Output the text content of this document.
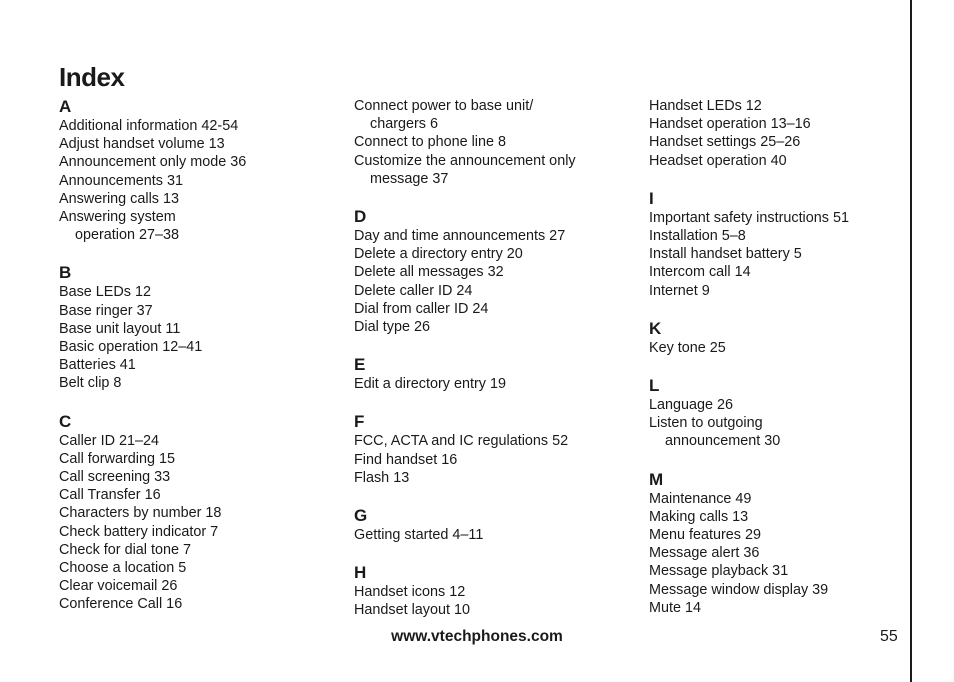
Index
A
Additional information 42-54
Adjust handset volume 13
Announcement only mode 36
Announcements 31
Answering calls 13
Answering system
operation 27–38
B
Base LEDs 12
Base ringer 37
Base unit layout 11
Basic operation 12–41
Batteries 41
Belt clip 8
C
Caller ID 21–24
Call forwarding 15
Call screening 33
Call Transfer 16
Characters by number 18
Check battery indicator 7
Check for dial tone 7
Choose a location 5
Clear voicemail 26
Conference Call 16
Connect power to base unit/
chargers 6
Connect to phone line 8
Customize the announcement only
message 37
D
Day and time announcements 27
Delete a directory entry 20
Delete all messages 32
Delete caller ID 24
Dial from caller ID 24
Dial type 26
E
Edit a directory entry 19
F
FCC, ACTA and IC regulations 52
Find handset 16
Flash 13
G
Getting started 4–11
H
Handset icons 12
Handset layout 10
Handset LEDs 12
Handset operation 13–16
Handset settings 25–26
Headset operation 40
I
Important safety instructions 51
Installation 5–8
Install handset battery 5
Intercom call 14
Internet 9
K
Key tone 25
L
Language 26
Listen to outgoing
announcement 30
M
Maintenance 49
Making calls 13
Menu features 29
Message alert 36
Message playback 31
Message window display 39
Mute 14
www.vtechphones.com	55
